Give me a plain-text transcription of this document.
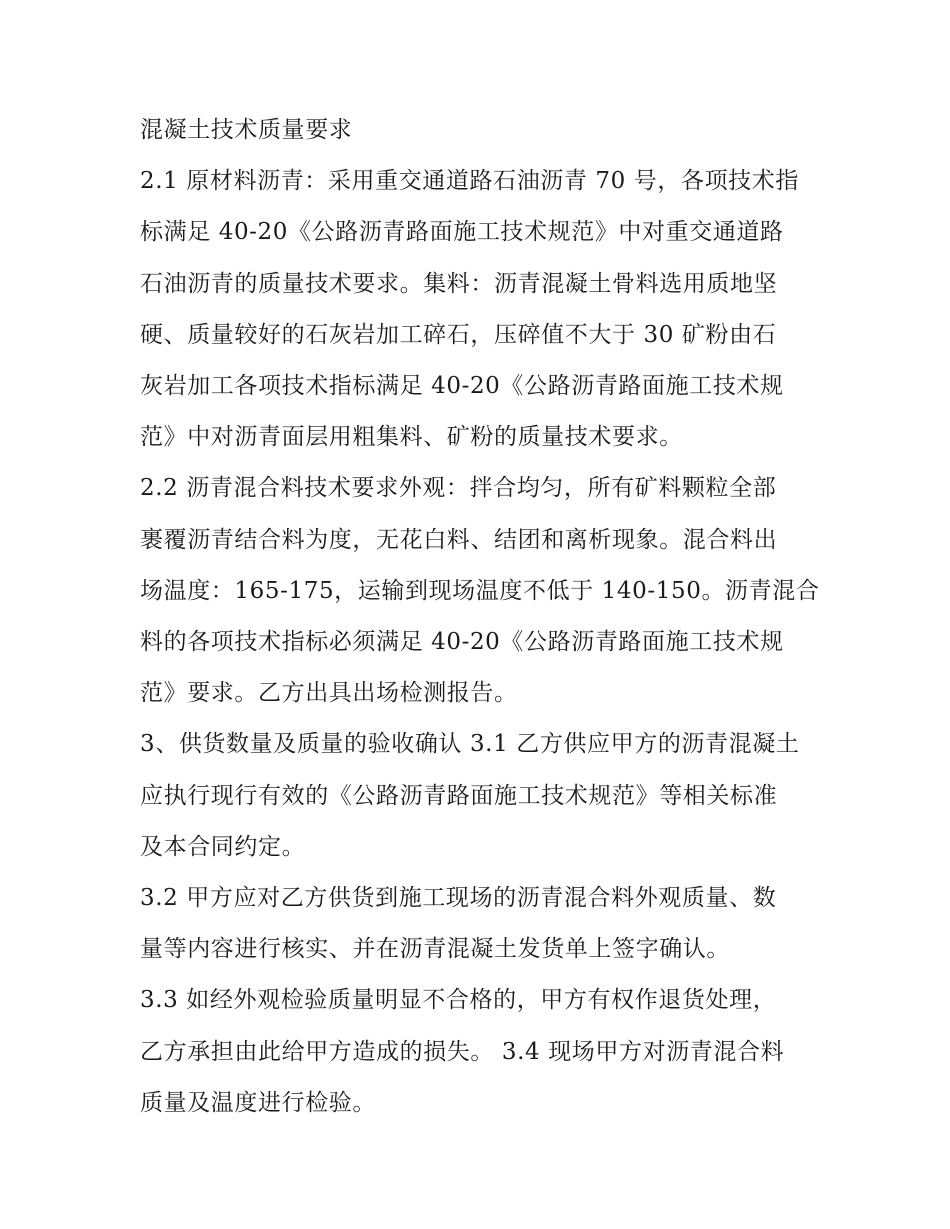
混凝土技术质量要求

2.1 原材料沥青：采用重交通道路石油沥青 70 号，各项技术指
标满足 40-20《公路沥青路面施工技术规范》中对重交通道路
石油沥青的质量技术要求。集料：沥青混凝土骨料选用质地坚
硬、质量较好的石灰岩加工碎石，压碎值不大于 30 矿粉由石
灰岩加工各项技术指标满足 40-20《公路沥青路面施工技术规
范》中对沥青面层用粗集料、矿粉的质量技术要求。

2.2 沥青混合料技术要求外观：拌合均匀，所有矿料颗粒全部
裹覆沥青结合料为度，无花白料、结团和离析现象。混合料出
场温度：165-175，运输到现场温度不低于 140-150。沥青混合
料的各项技术指标必须满足 40-20《公路沥青路面施工技术规
范》要求。乙方出具出场检测报告。

3、供货数量及质量的验收确认 3.1 乙方供应甲方的沥青混凝土
应执行现行有效的《公路沥青路面施工技术规范》等相关标准
及本合同约定。

3.2 甲方应对乙方供货到施工现场的沥青混合料外观质量、数
量等内容进行核实、并在沥青混凝土发货单上签字确认。

3.3 如经外观检验质量明显不合格的，甲方有权作退货处理，
乙方承担由此给甲方造成的损失。 3.4 现场甲方对沥青混合料
质量及温度进行检验。
